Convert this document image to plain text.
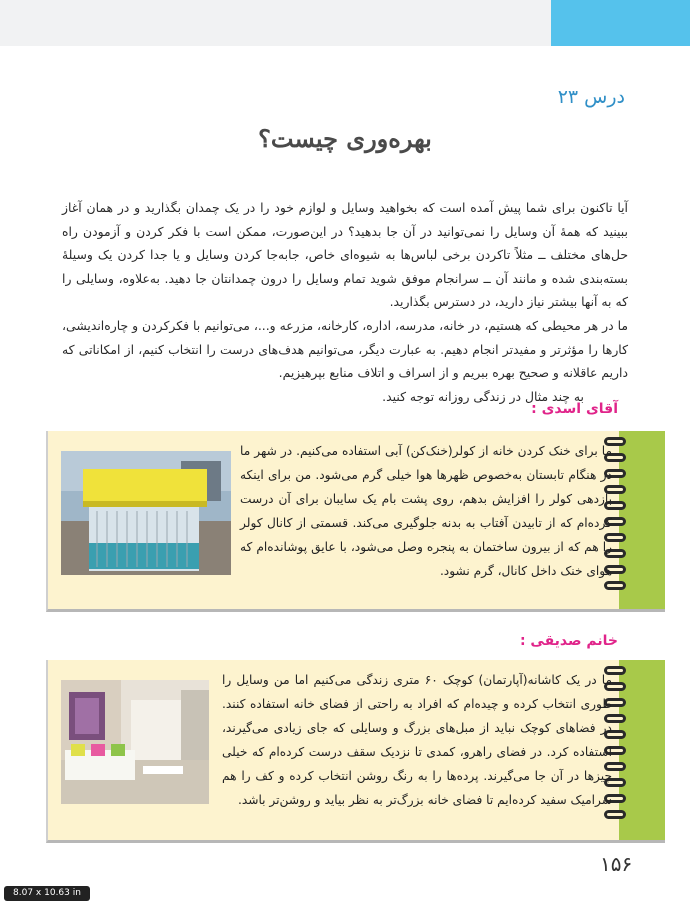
درس ۲۳
بهره‌وری چیست؟

آیا تاکنون برای شما پیش آمده است که بخواهید وسایل و لوازم خود را در یک چمدان بگذارید و در همان آغاز ببینید که همهٔ آن وسایل را نمی‌توانید در آن جا بدهید؟ در این‌صورت، ممکن است با فکر کردن و آزمودن راه حل‌های مختلف ــ مثلاً تاکردن برخی لباس‌ها به شیوه‌ای خاص، جابه‌جا کردن وسایل و یا جدا کردن یک وسیلهٔ بسته‌بندی شده و مانند آن ــ سرانجام موفق شوید تمام وسایل را درون چمدانتان جا دهید. به‌علاوه، وسایلی را که به آنها بیشتر نیاز دارید، در دسترس بگذارید.

ما در هر محیطی که هستیم، در خانه، مدرسه، اداره، کارخانه، مزرعه و...، می‌توانیم با فکرکردن و چاره‌اندیشی، کارها را مؤثرتر و مفیدتر انجام دهیم. به عبارت دیگر، می‌توانیم هدف‌های درست را انتخاب کنیم، از امکاناتی که داریم عاقلانه و صحیح بهره ببریم و از اسراف و اتلاف منابع بپرهیزیم.

به چند مثال در زندگی روزانه توجه کنید.

آقای اسدی :
ما برای خنک کردن خانه از کولر(خنک‌کن) آبی استفاده می‌کنیم. در شهر ما در هنگام تابستان به‌خصوص ظهرها هوا خیلی گرم می‌شود. من برای اینکه بازدهی کولر را افزایش بدهم، روی پشت بام یک سایبان برای آن درست کرده‌ام که از تابیدن آفتاب به بدنه جلوگیری می‌کند. قسمتی از کانال کولر را هم که از بیرون ساختمان به پنجره وصل می‌شود، با عایق پوشانده‌ام که هوای خنک داخل کانال، گرم نشود.
خانم صدیقی :
ما در یک کاشانه(آپارتمان) کوچک ۶۰ متری زندگی می‌کنیم اما من وسایل را طوری انتخاب کرده و چیده‌ام که افراد به راحتی از فضای خانه استفاده کنند. در فضاهای کوچک نباید از مبل‌های بزرگ و وسایلی که جای زیادی می‌گیرند، استفاده کرد. در فضای راهرو، کمدی تا نزدیک سقف درست کرده‌ام که خیلی چیزها در آن جا می‌گیرند. پرده‌ها را به رنگ روشن انتخاب کرده و کف را هم سرامیک سفید کرده‌ایم تا فضای خانه بزرگ‌تر به نظر بیاید و روشن‌تر باشد.
۱۵۶
8.07 x 10.63 in
